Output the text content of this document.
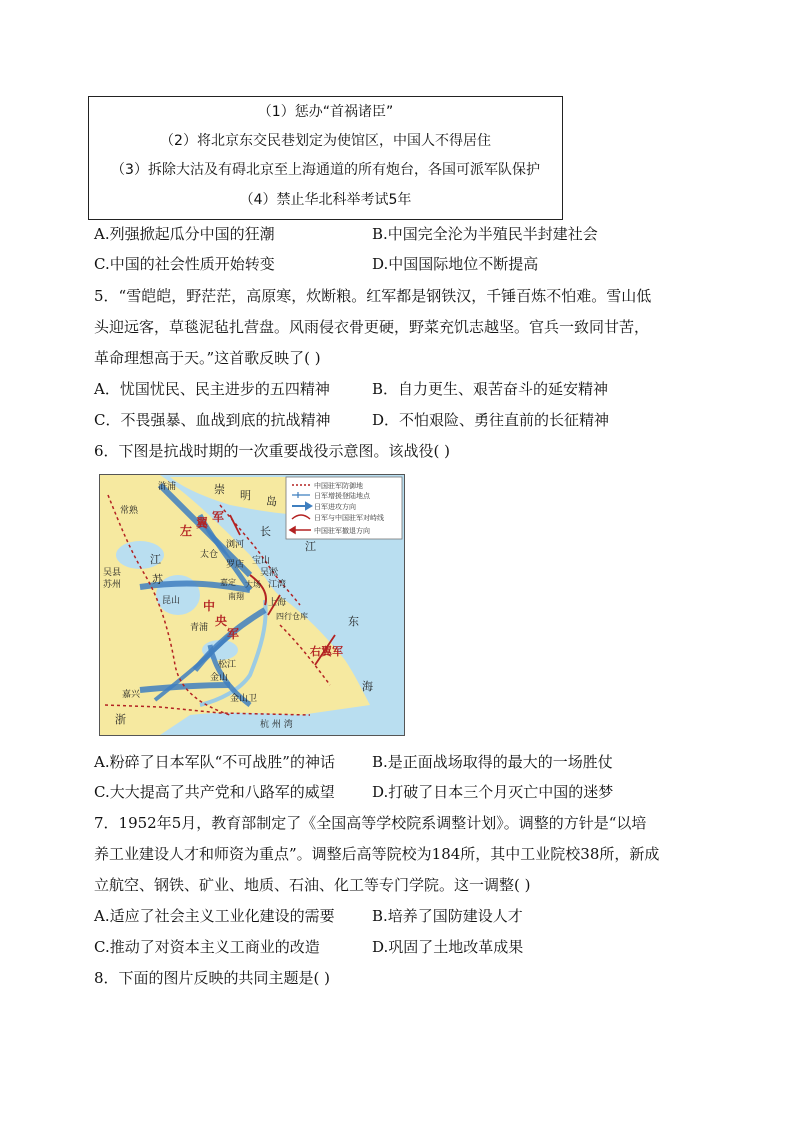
（1）惩办“首祸诸臣”
（2）将北京东交民巷划定为使馆区，中国人不得居住
（3）拆除大沽及有碍北京至上海通道的所有炮台，各国可派军队保护
（4）禁止华北科举考试5年
A.列强掀起瓜分中国的狂潮	B.中国完全沦为半殖民半封建社会
C.中国的社会性质开始转变	D.中国国际地位不断提高
5．“雪皑皑，野茫茫，高原寒，炊断粮。红军都是钢铁汉，千锤百炼不怕难。雪山低
头迎远客，草毯泥毡扎营盘。风雨侵衣骨更硬，野菜充饥志越坚。官兵一致同甘苦，
革命理想高于天。”这首歌反映了( )
A．忧国忧民、民主进步的五四精神	B．自力更生、艰苦奋斗的延安精神
C．不畏强暴、血战到底的抗战精神	D．不怕艰险、勇往直前的长征精神
6．下图是抗战时期的一次重要战役示意图。该战役( )
中国驻军防御地
日军增援登陆地点
日军进攻方向
日军与中国驻军对峙线
中国驻军撤退方向
崇 明 岛
长
江
东
海
杭 州 湾
左
翼 军
中
央
军
右翼军
浙
江
苏
浒浦
常熟
浏河
太仓
罗店
吴淞
宝山
江湾
上海
昆山
苏州
吴县
青浦
松江
嘉兴
金山
金山卫
四行仓库
嘉定
南翔
大场
A.粉碎了日本军队“不可战胜”的神话 B.是正面战场取得的最大的一场胜仗
C.大大提高了共产党和八路军的威望 D.打破了日本三个月灭亡中国的迷梦
7．1952年5月，教育部制定了《全国高等学校院系调整计划》。调整的方针是“以培
养工业建设人才和师资为重点”。调整后高等院校为184所，其中工业院校38所，新成
立航空、钢铁、矿业、地质、石油、化工等专门学院。这一调整( )
A.适应了社会主义工业化建设的需要 B.培养了国防建设人才
C.推动了对资本主义工商业的改造	D.巩固了土地改革成果
8．下面的图片反映的共同主题是( )
